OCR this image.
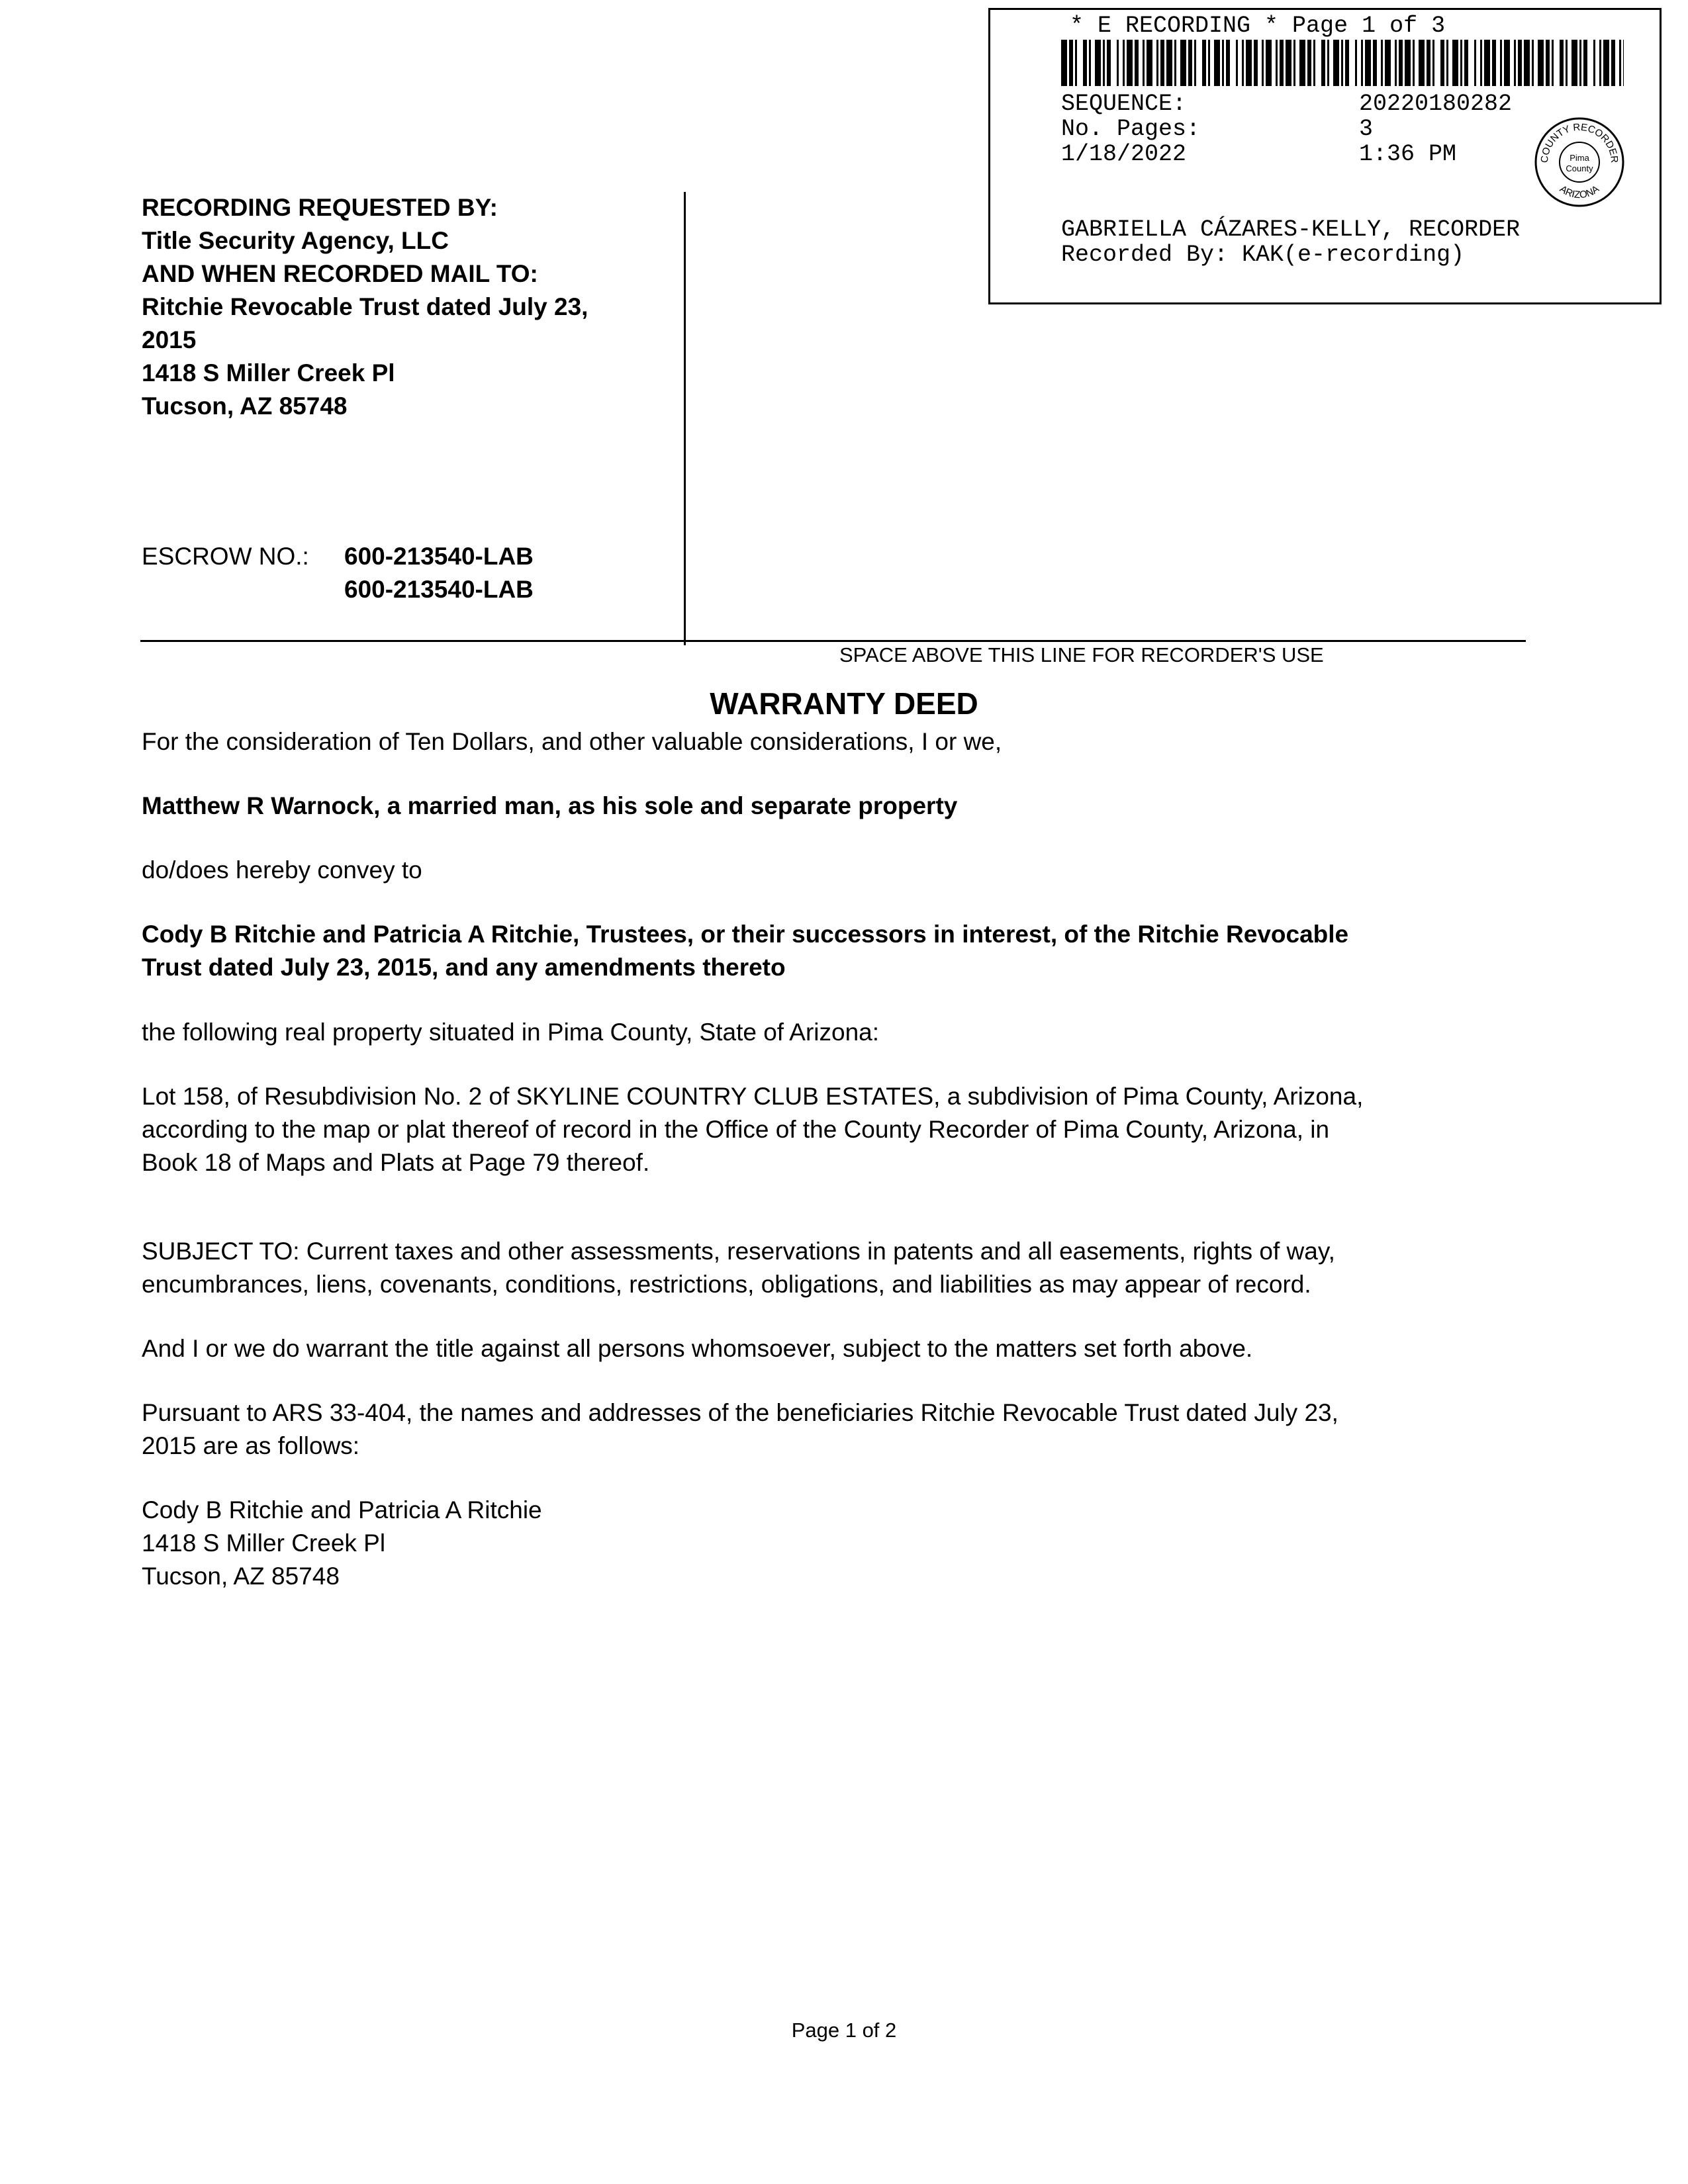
* E RECORDING * Page 1 of 3
SEQUENCE:	20220180282
No. Pages:	3
1/18/2022	1:36 PM	COUNTY RECORDER
ARIZONA
Pima
County
GABRIELLA CÁZARES-KELLY, RECORDER
Recorded By: KAK(e-recording)
RECORDING REQUESTED BY:
Title Security Agency, LLC
AND WHEN RECORDED MAIL TO:
Ritchie Revocable Trust dated July 23,
2015
1418 S Miller Creek Pl
Tucson, AZ 85748
ESCROW NO.: 600-213540-LAB
600-213540-LAB
SPACE ABOVE THIS LINE FOR RECORDER'S USE
WARRANTY DEED
For the consideration of Ten Dollars, and other valuable considerations, I or we,
Matthew R Warnock, a married man, as his sole and separate property
do/does hereby convey to
Cody B Ritchie and Patricia A Ritchie, Trustees, or their successors in interest, of the Ritchie Revocable
Trust dated July 23, 2015, and any amendments thereto
the following real property situated in Pima County, State of Arizona:
Lot 158, of Resubdivision No. 2 of SKYLINE COUNTRY CLUB ESTATES, a subdivision of Pima County, Arizona,
according to the map or plat thereof of record in the Office of the County Recorder of Pima County, Arizona, in
Book 18 of Maps and Plats at Page 79 thereof.
SUBJECT TO: Current taxes and other assessments, reservations in patents and all easements, rights of way,
encumbrances, liens, covenants, conditions, restrictions, obligations, and liabilities as may appear of record.
And I or we do warrant the title against all persons whomsoever, subject to the matters set forth above.
Pursuant to ARS 33-404, the names and addresses of the beneficiaries Ritchie Revocable Trust dated July 23,
2015 are as follows:
Cody B Ritchie and Patricia A Ritchie
1418 S Miller Creek Pl
Tucson, AZ 85748
Page 1 of 2
